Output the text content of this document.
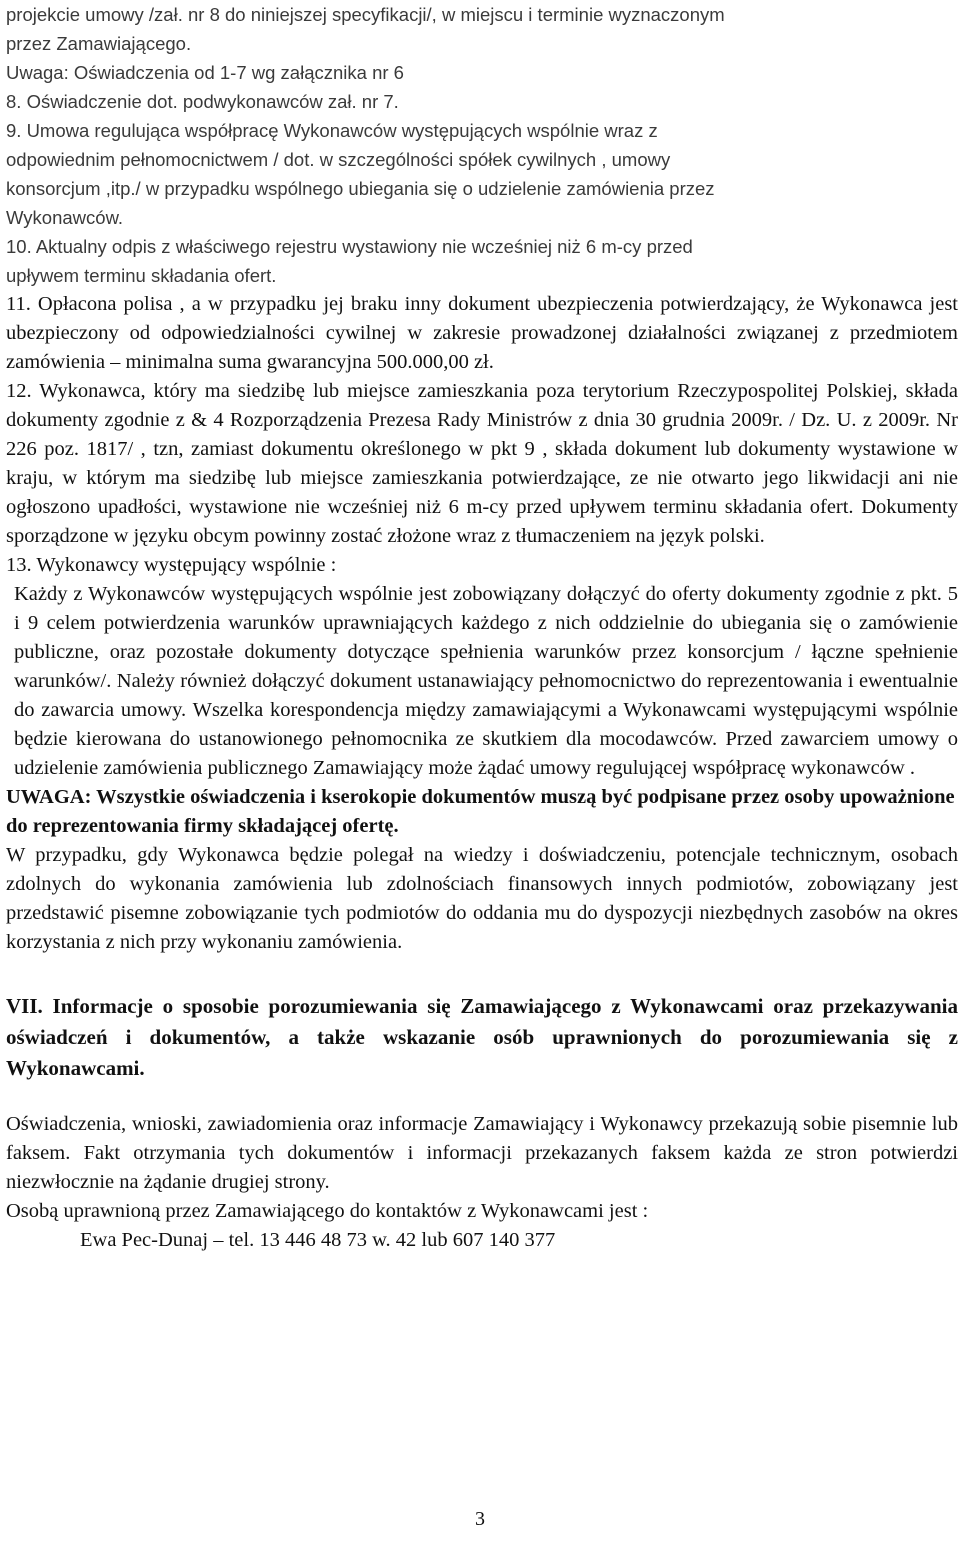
projekcie umowy /zał. nr 8 do niniejszej specyfikacji/, w miejscu i terminie wyznaczonym

przez Zamawiającego.

Uwaga: Oświadczenia od 1-7 wg załącznika nr 6

8. Oświadczenie dot. podwykonawców zał. nr 7.

9. Umowa regulująca współpracę Wykonawców występujących wspólnie wraz z

odpowiednim pełnomocnictwem / dot. w szczególności spółek cywilnych , umowy

konsorcjum ,itp./ w przypadku wspólnego ubiegania się o udzielenie zamówienia przez

Wykonawców.

10. Aktualny odpis z właściwego rejestru wystawiony nie wcześniej niż 6 m-cy przed

upływem terminu składania ofert.

11. Opłacona polisa , a w przypadku jej braku inny dokument ubezpieczenia potwierdzający, że Wykonawca jest ubezpieczony od odpowiedzialności cywilnej w zakresie prowadzonej działalności związanej z przedmiotem zamówienia – minimalna suma gwarancyjna 500.000,00 zł.

12. Wykonawca, który ma siedzibę lub miejsce zamieszkania poza terytorium Rzeczypospolitej Polskiej, składa dokumenty zgodnie z & 4 Rozporządzenia Prezesa Rady Ministrów z dnia 30 grudnia 2009r. / Dz. U. z 2009r. Nr 226 poz. 1817/ , tzn, zamiast dokumentu określonego w pkt 9 , składa dokument lub dokumenty wystawione w kraju, w którym ma siedzibę lub miejsce zamieszkania potwierdzające, ze nie otwarto jego likwidacji ani nie ogłoszono upadłości, wystawione nie wcześniej niż 6 m-cy przed upływem terminu składania ofert. Dokumenty sporządzone w języku obcym powinny zostać złożone wraz z tłumaczeniem na język polski.

13. Wykonawcy występujący wspólnie :

Każdy z Wykonawców występujących wspólnie jest zobowiązany dołączyć do oferty dokumenty zgodnie z pkt. 5 i 9 celem potwierdzenia warunków uprawniających każdego z nich oddzielnie do ubiegania się o zamówienie publiczne, oraz pozostałe dokumenty dotyczące spełnienia warunków przez konsorcjum / łączne spełnienie warunków/. Należy również dołączyć dokument ustanawiający pełnomocnictwo do reprezentowania i ewentualnie do zawarcia umowy. Wszelka korespondencja między zamawiającymi a Wykonawcami występującymi wspólnie będzie kierowana do ustanowionego pełnomocnika ze skutkiem dla mocodawców. Przed zawarciem umowy o udzielenie zamówienia publicznego Zamawiający może żądać umowy regulującej współpracę wykonawców .

UWAGA: Wszystkie oświadczenia i kserokopie dokumentów muszą być podpisane przez osoby upoważnione do reprezentowania firmy składającej ofertę.

W przypadku, gdy Wykonawca będzie polegał na wiedzy i doświadczeniu, potencjale technicznym, osobach zdolnych do wykonania zamówienia lub zdolnościach finansowych innych podmiotów, zobowiązany jest przedstawić pisemne zobowiązanie tych podmiotów do oddania mu do dyspozycji niezbędnych zasobów na okres korzystania z nich przy wykonaniu zamówienia.

VII. Informacje o sposobie porozumiewania się Zamawiającego z Wykonawcami oraz przekazywania oświadczeń i dokumentów, a także wskazanie osób uprawnionych do porozumiewania się z Wykonawcami.

Oświadczenia, wnioski, zawiadomienia oraz informacje Zamawiający i Wykonawcy przekazują sobie pisemnie lub faksem. Fakt otrzymania tych dokumentów i informacji przekazanych faksem każda ze stron potwierdzi niezwłocznie na żądanie drugiej strony.

Osobą uprawnioną przez Zamawiającego do kontaktów z Wykonawcami jest :

Ewa Pec-Dunaj – tel. 13 446 48 73 w. 42 lub 607 140 377

3
